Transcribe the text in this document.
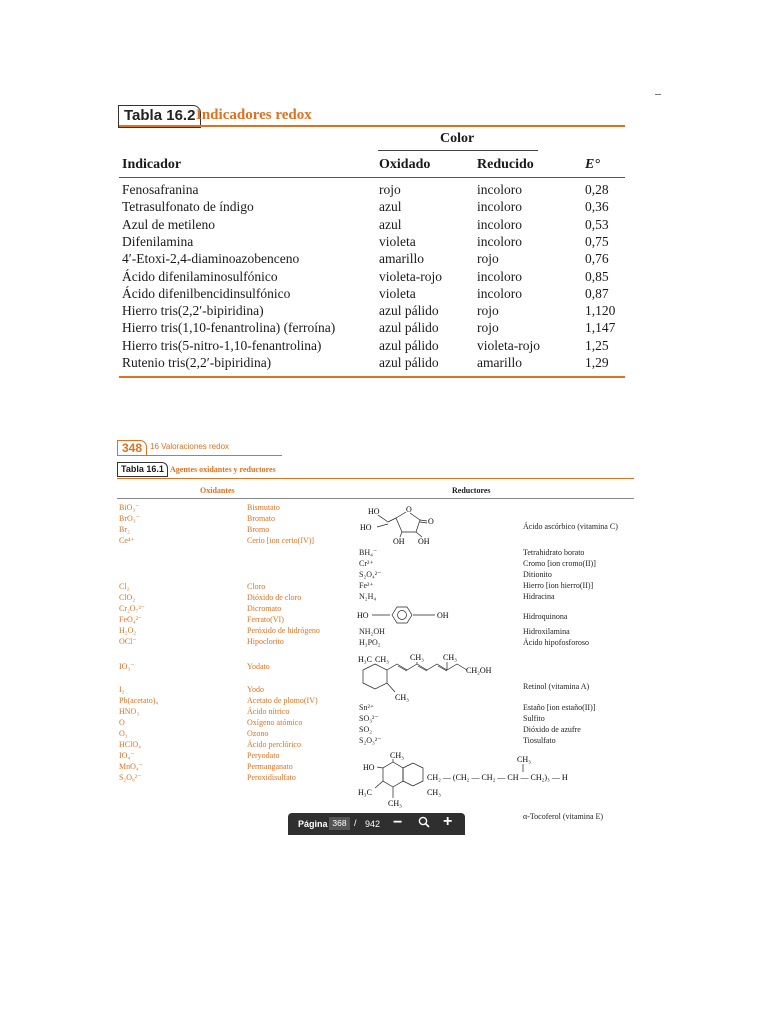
–
Tabla 16.2 Indicadores redox
Color
Indicador	Oxidado	Reducido	E°
Fenosafranina	rojo	incoloro	0,28
Tetrasulfonato de índigo	azul	incoloro	0,36
Azul de metileno	azul	incoloro	0,53
Difenilamina	violeta	incoloro	0,75
4′-Etoxi-2,4-diaminoazobenceno	amarillo	rojo	0,76
Ácido difenilaminosulfónico	violeta-rojo	incoloro	0,85
Ácido difenilbencidinsulfónico	violeta	incoloro	0,87
Hierro tris(2,2′-bipiridina)	azul pálido	rojo	1,120
Hierro tris(1,10-fenantrolina) (ferroína)	azul pálido	rojo	1,147
Hierro tris(5-nitro-1,10-fenantrolina)	azul pálido	violeta-rojo	1,25
Rutenio tris(2,2′-bipiridina)	azul pálido	amarillo	1,29
348 16 Valoraciones redox
Tabla 16.1 Agentes oxidantes y reductores
Oxidantes	Reductores
BiO₃⁻	Bismutato
BrO₃⁻	Bromato
Br₂	Bromo
Ce⁴⁺	Cerio [ion cerio(IV)]
Cl₂	Cloro
ClO₂	Dióxido de cloro
Cr₂O₇²⁻	Dicromato
FeO₄²⁻	Ferrato(VI)
H₂O₂	Peróxido de hidrógeno
OCl⁻	Hipoclorito
IO₃⁻	Yodato
I₂	Yodo
Pb(acetato)₄	Acetato de plomo(IV)
HNO₃	Ácido nítrico
O	Oxígeno atómico
O₃	Ozono
HClO₄	Ácido perclórico
IO₄⁻	Peryodato
MnO₄⁻	Permanganato
S₂O₈²⁻	Peroxidisulfato
Ácido ascórbico (vitamina C)
BH₄⁻	Tetrahidrato borato
Cr²⁺	Cromo [ion cromo(II)]
S₂O₄²⁻	Ditionito
Fe²⁺	Hierro [ion hierro(II)]
N₂H₄	Hidracina
Hidroquinona
NH₂OH	Hidroxilamina
H₃PO₂	Ácido hipofosforoso
Retinol (vitamina A)
Sn²⁺	Estaño [ion estaño(II)]
SO₃²⁻	Sulfito
SO₂	Dióxido de azufre
S₂O₃²⁻	Tiosulfato
α-Tocoferol (vitamina E)
HO	O
O
HO
OH OH
HO	OH
H₃C CH₃	CH₃ CH₃
CH₂OH
CH₃
CH₃
HO
H₃C
CH₃
CH₃
CH₂ — (CH₂ — CH₂ — CH — CH₂)₃ — H
CH₃
Página 368 / 942 −	+
